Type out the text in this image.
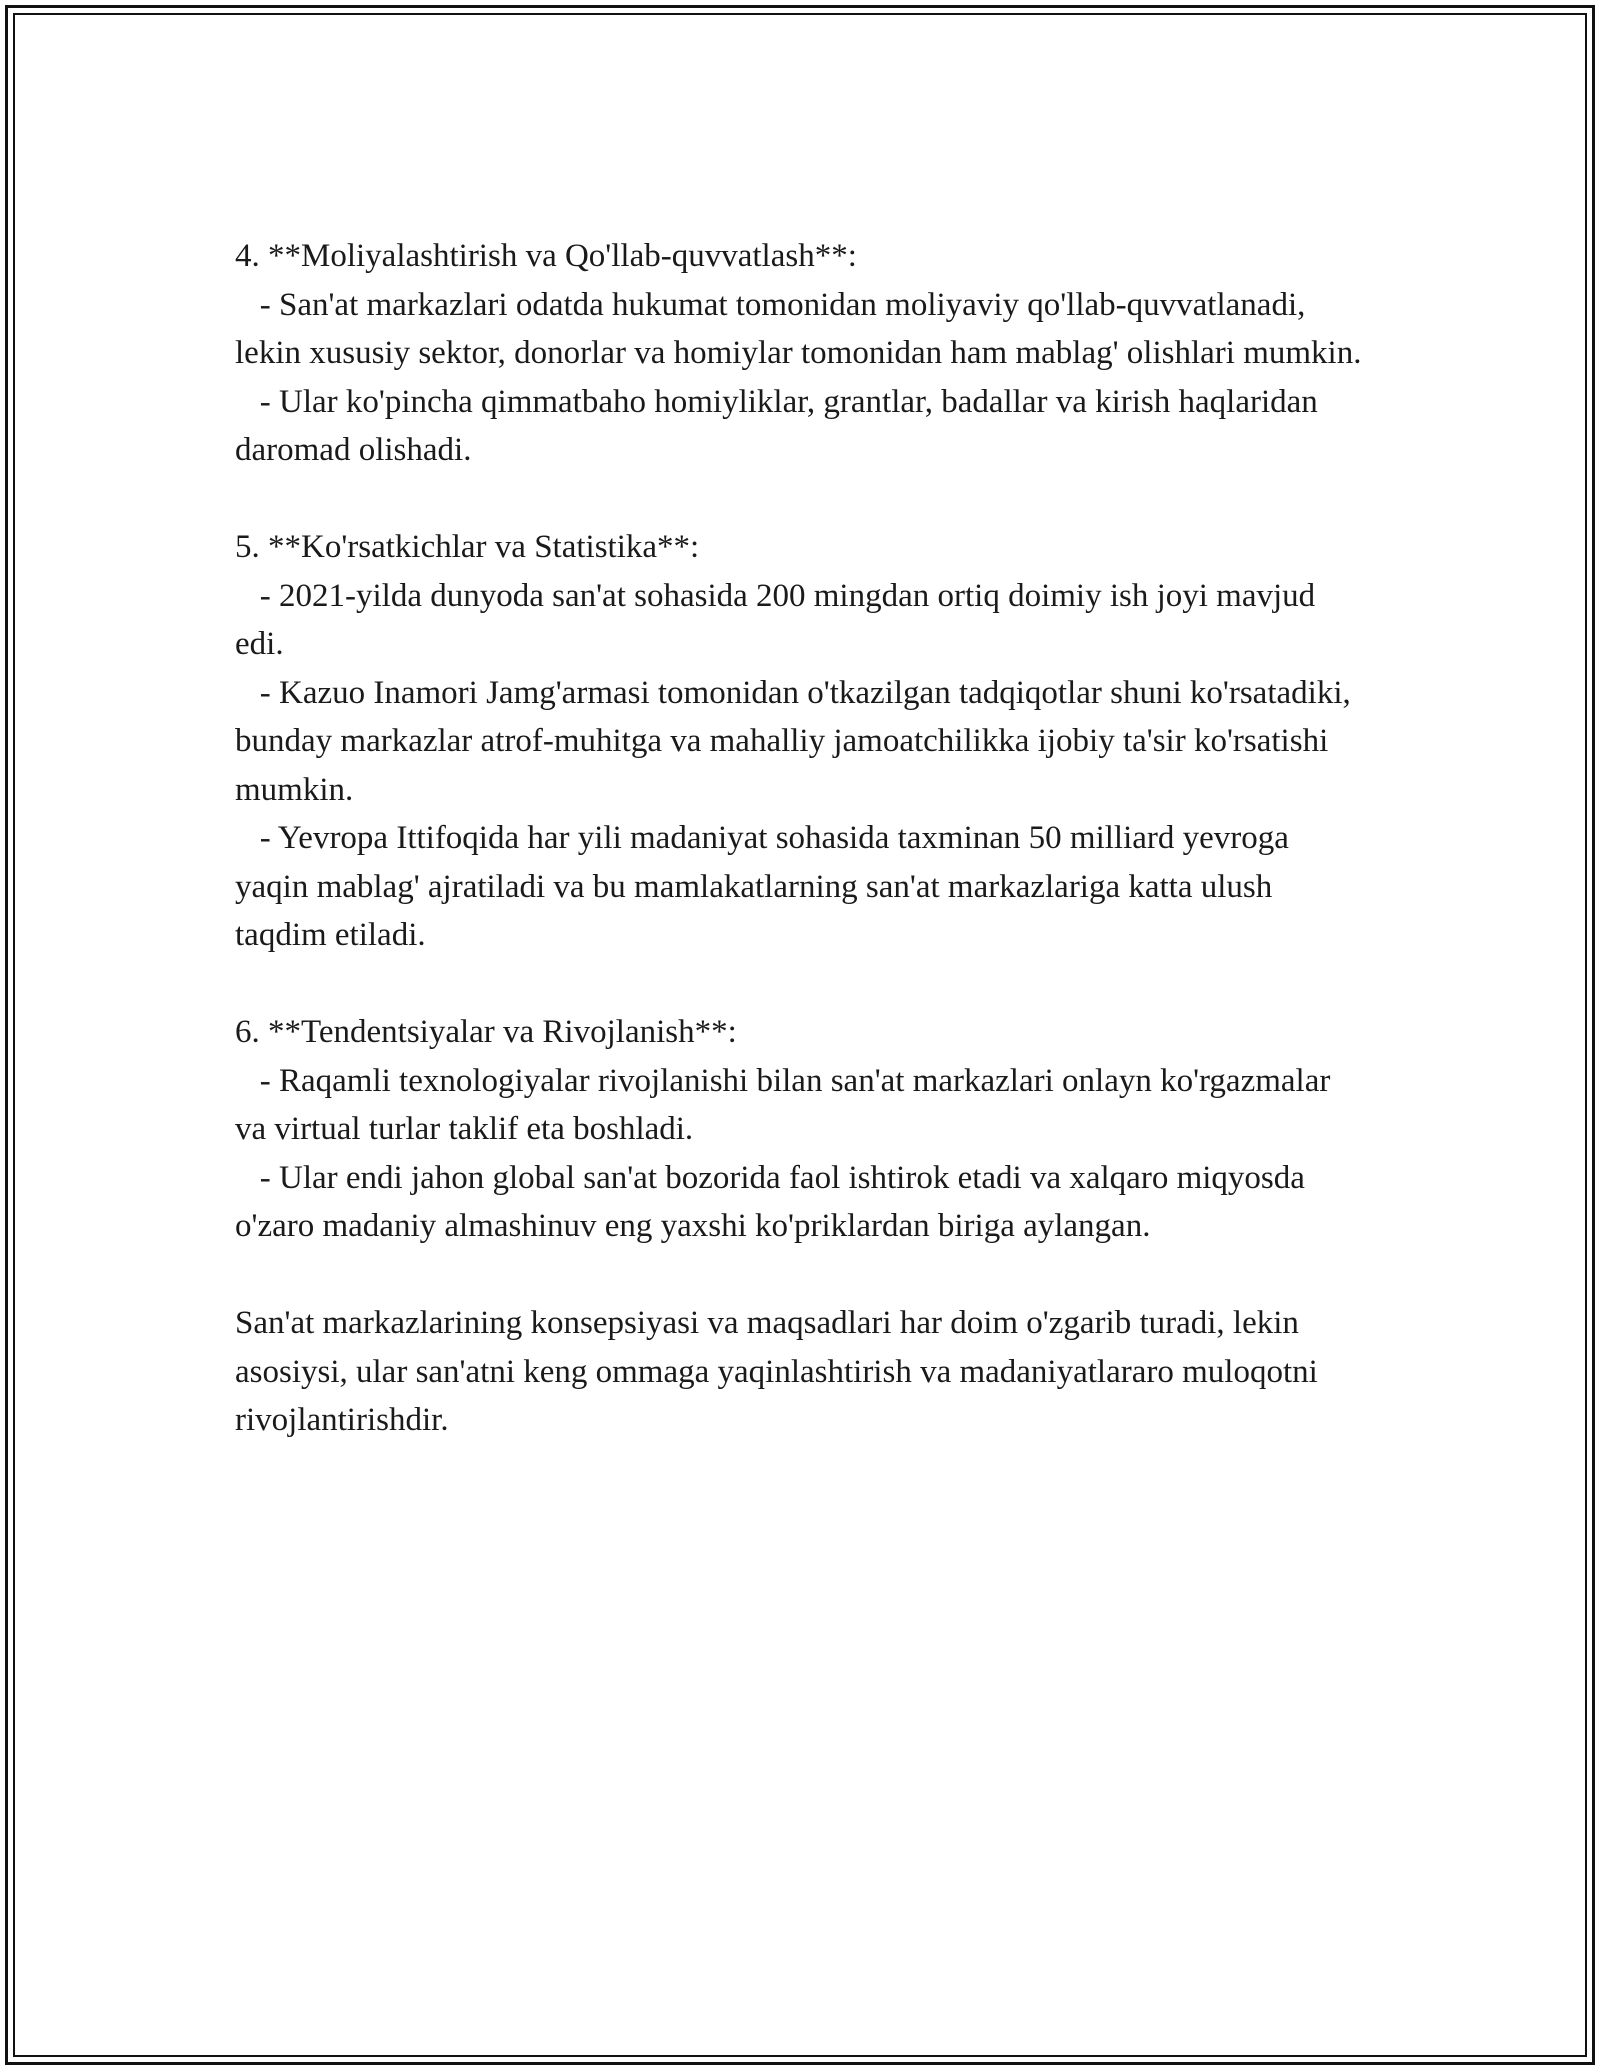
4. **Moliyalashtirish va Qo'llab-quvvatlash**:

- San'at markazlari odatda hukumat tomonidan moliyaviy qo'llab-quvvatlanadi, lekin xususiy sektor, donorlar va homiylar tomonidan ham mablag' olishlari mumkin.

- Ular ko'pincha qimmatbaho homiyliklar, grantlar, badallar va kirish haqlaridan daromad olishadi.

5. **Ko'rsatkichlar va Statistika**:

- 2021-yilda dunyoda san'at sohasida 200 mingdan ortiq doimiy ish joyi mavjud edi.

- Kazuo Inamori Jamg'armasi tomonidan o'tkazilgan tadqiqotlar shuni ko'rsatadiki, bunday markazlar atrof-muhitga va mahalliy jamoatchilikka ijobiy ta'sir ko'rsatishi mumkin.

- Yevropa Ittifoqida har yili madaniyat sohasida taxminan 50 milliard yevroga yaqin mablag' ajratiladi va bu mamlakatlarning san'at markazlariga katta ulush taqdim etiladi.

6. **Tendentsiyalar va Rivojlanish**:

- Raqamli texnologiyalar rivojlanishi bilan san'at markazlari onlayn ko'rgazmalar va virtual turlar taklif eta boshladi.

- Ular endi jahon global san'at bozorida faol ishtirok etadi va xalqaro miqyosda o'zaro madaniy almashinuv eng yaxshi ko'priklardan biriga aylangan.

San'at markazlarining konsepsiyasi va maqsadlari har doim o'zgarib turadi, lekin asosiysi, ular san'atni keng ommaga yaqinlashtirish va madaniyatlararo muloqotni rivojlantirishdir.
